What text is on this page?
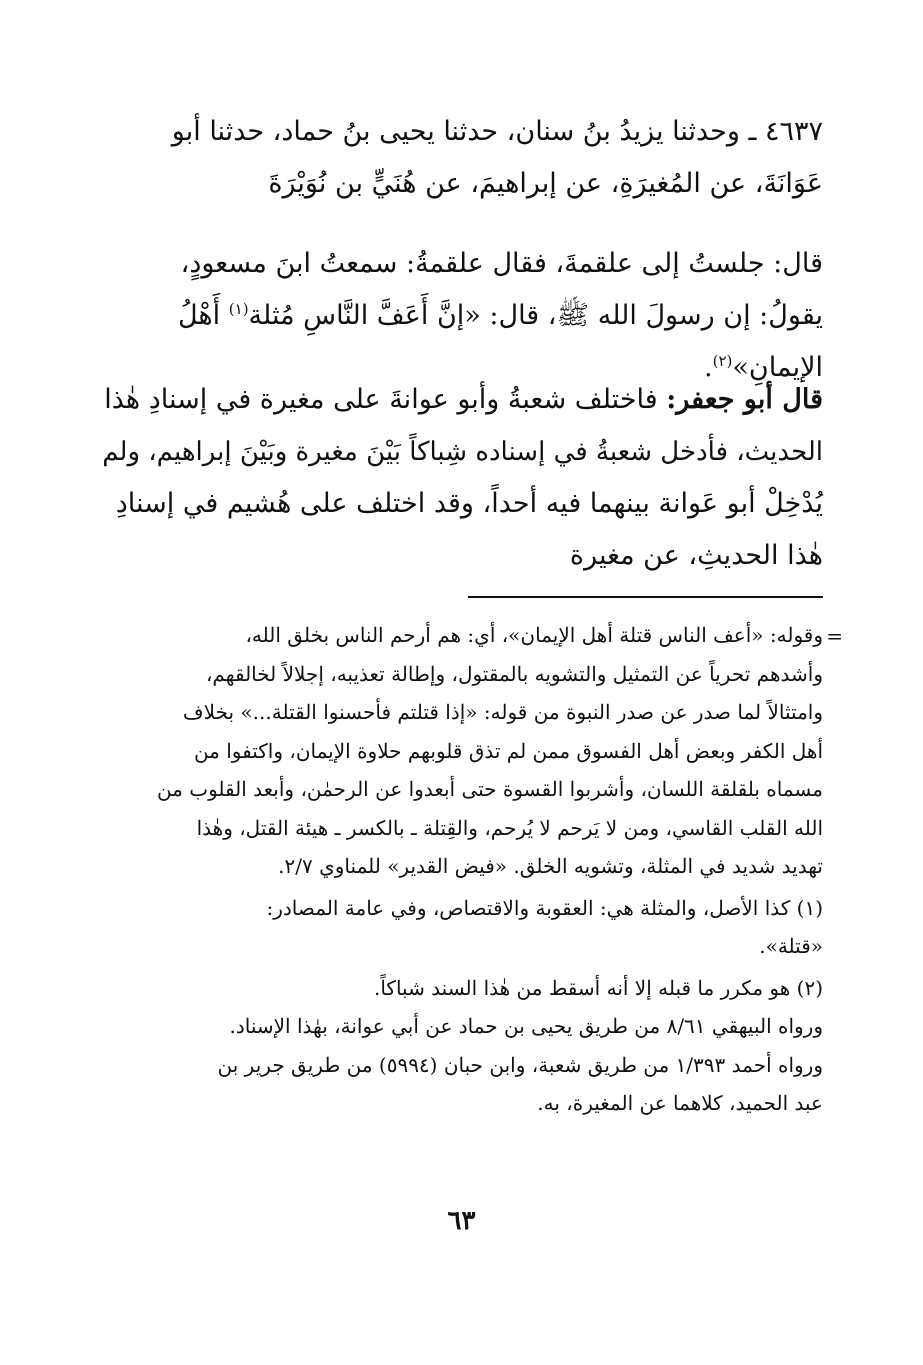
٤٦٣٧ ـ وحدثنا يزيدُ بنُ سنان، حدثنا يحيى بنُ حماد، حدثنا أبو
عَوَانَةَ، عن المُغيرَةِ، عن إبراهيمَ، عن هُنَيٍّ بن نُوَيْرَةَ
قال: جلستُ إلى علقمةَ، فقال علقمةُ: سمعتُ ابنَ مسعودٍ،
يقولُ: إن رسولَ الله ﷺ، قال: «إنَّ أَعَفَّ النَّاسِ مُثلة$^{(١)}$ أَهْلُ
الإيمانِ»$^{(٢)}$.
قال أبو جعفر: فاختلف شعبةُ وأبو عوانةَ على مغيرة في إسنادِ هٰذا
الحديث، فأدخل شعبةُ في إسناده شِباكاً بَيْنَ مغيرة وبَيْنَ إبراهيم، ولم
يُدْخِلْ أبو عَوانة بينهما فيه أحداً، وقد اختلف على هُشيم في إسنادِ
هٰذا الحديثِ، عن مغيرة
=
وقوله: «أعف الناس قتلة أهل الإيمان»، أي: هم أرحم الناس بخلق الله،
وأشدهم تحرياً عن التمثيل والتشويه بالمقتول، وإطالة تعذيبه، إجلالاً لخالقهم،
وامتثالاً لما صدر عن صدر النبوة من قوله: «إذا قتلتم فأحسنوا القتلة...» بخلاف
أهل الكفر وبعض أهل الفسوق ممن لم تذق قلوبهم حلاوة الإيمان، واكتفوا من
مسماه بلقلقة اللسان، وأشربوا القسوة حتى أبعدوا عن الرحمٰن، وأبعد القلوب من
الله القلب القاسي، ومن لا يَرحم لا يُرحم، والقِتلة ـ بالكسر ـ هيئة القتل، وهٰذا
تهديد شديد في المثلة، وتشويه الخلق. «فيض القدير» للمناوي ٢/٧.
(١) كذا الأصل، والمثلة هي: العقوبة والاقتصاص، وفي عامة المصادر:
«قتلة».
(٢) هو مكرر ما قبله إلا أنه أسقط من هٰذا السند شباكاً.
ورواه البيهقي ٨/٦١ من طريق يحيى بن حماد عن أبي عوانة، بهٰذا الإسناد.
ورواه أحمد ١/٣٩٣ من طريق شعبة، وابن حبان (٥٩٩٤) من طريق جرير بن
عبد الحميد، كلاهما عن المغيرة، به.
٦٣
